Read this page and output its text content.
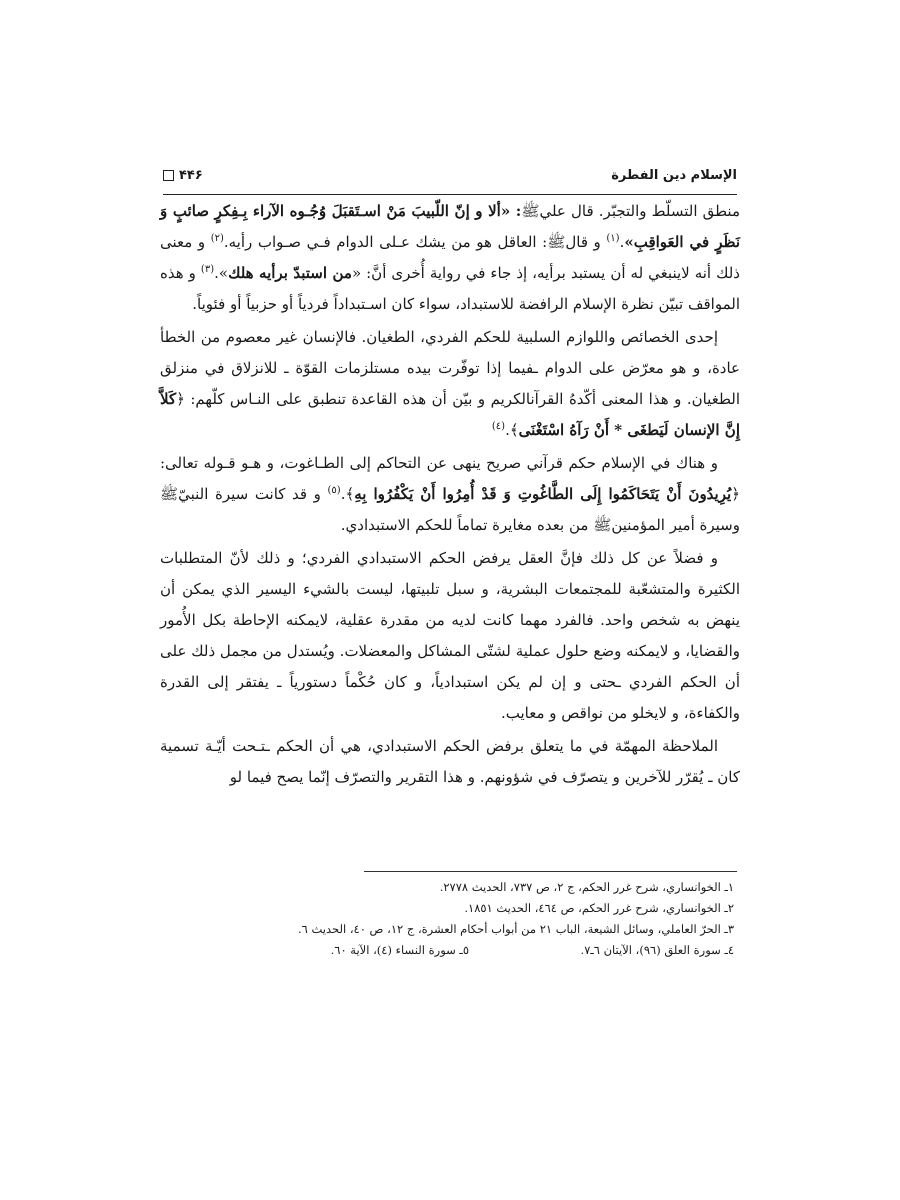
۴۴۶	الإسلام دين الفطرة

منطق التسلّط والتجبّر. قال عليﷺ: «ألا و إنّ اللّبيبَ مَنْ اسـتَقبَلَ وُجُـوه الآراء بِـفِكرٍ صائبٍ وَ نَظَرٍ في العَواقِبِ».$^{(١)}$ و قالﷺ: العاقل هو من يشك عـلى الدوام فـي صـواب رأيه.$^{(٢)}$ و معنى ذلك أنه لاينبغي له أن يستبد برأيه، إذ جاء في رواية أُخرى أنَّ: «من استبدّ برأيه هلك».$^{(٣)}$ و هذه المواقف تبيّن نظرة الإسلام الرافضة للاستبداد، سواء كان اسـتبداداً فردياً أو حزبياً أو فئوياً.

إحدى الخصائص واللوازم السلبية للحكم الفردي، الطغيان. فالإنسان غير معصوم من الخطأ عادة، و هو معرّض على الدوام ـفيما إذا توفّرت بيده مستلزمات القوّة ـ للانزلاق في منزلق الطغيان. و هذا المعنى أكّدهُ القرآنالكريم و بيّن أن هذه القاعدة تنطبق على النـاس كلّهم: ﴿كَلاَّ إِنَّ الإنسان لَيَطغَى * أَنْ رَآهُ اسْتَغْنَى﴾.$^{(٤)}$

و هناك في الإسلام حكم قرآني صريح ينهى عن التحاكم إلى الطـاغوت، و هـو قـوله تعالى: ﴿يُرِيدُونَ أَنْ يَتَحَاكَمُوا إِلَى الطَّاغُوتِ وَ قَدْ أُمِرُوا أَنْ يَكْفُرُوا بِهِ﴾.$^{(٥)}$ و قد كانت سيرة النبيّﷺ وسيرة أمير المؤمنينﷺ من بعده مغايرة تماماً للحكم الاستبدادي.

و فضلاً عن كل ذلك فإنَّ العقل يرفض الحكم الاستبدادي الفردي؛ و ذلك لأنّ المتطلبات الكثيرة والمتشعّبة للمجتمعات البشرية، و سبل تلبيتها، ليست بالشيء اليسير الذي يمكن أن ينهض به شخص واحد. فالفرد مهما كانت لديه من مقدرة عقلية، لايمكنه الإحاطة بكل الأُمور والقضايا، و لايمكنه وضع حلول عملية لشتّى المشاكل والمعضلات. ويُستدل من مجمل ذلك على أن الحكم الفردي ـحتى و إن لم يكن استبدادياً، و كان حُكْماً دستورياً ـ يفتقر إلى القدرة والكفاءة، و لايخلو من نواقص و معايب.

الملاحظة المهمّة في ما يتعلق برفض الحكم الاستبدادي، هي أن الحكم ـتـحت أيّـة تسمية كان ـ يُقرّر للآخرين و يتصرّف في شؤونهم. و هذا التقرير والتصرّف إنّما يصح فيما لو

١ـ الخوانساري، شرح غرر الحكم، ج ٢، ص ٧٣٧، الحديث ٢٧٧٨.
٢ـ الخوانساري، شرح غرر الحكم، ص ٤٦٤، الحديث ١٨٥١.
٣ـ الحرّ العاملي، وسائل الشيعة، الباب ٢١ من أبواب أحكام العشرة، ج ١٢، ص ٤٠، الحديث ٦.
٤ـ سورة العلق (٩٦)، الآيتان ٦ـ٧.
٥ـ سورة النساء (٤)، الآية ٦٠.
